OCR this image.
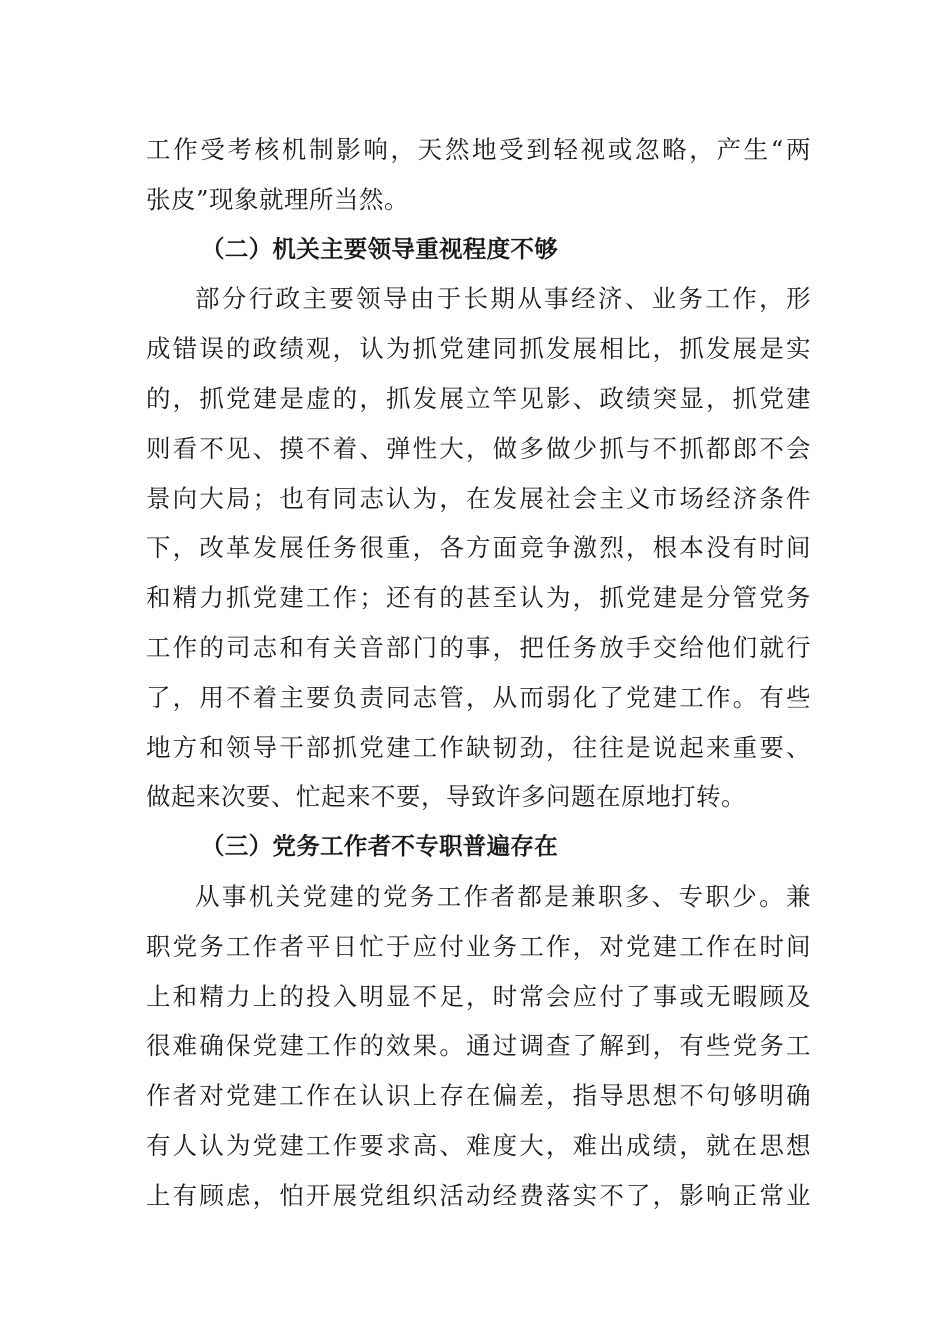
工作受考核机制影响，天然地受到轻视或忽略，产生“两
张皮”现象就理所当然。
（二）机关主要领导重视程度不够
部分行政主要领导由于长期从事经济、业务工作，形
成错误的政绩观，认为抓党建同抓发展相比，抓发展是实
的，抓党建是虚的，抓发展立竿见影、政绩突显，抓党建
则看不见、摸不着、弹性大，做多做少抓与不抓都郎不会
景向大局；也有同志认为，在发展社会主义市场经济条件
下，改革发展任务很重，各方面竞争激烈，根本没有时间
和精力抓党建工作；还有的甚至认为，抓党建是分管党务
工作的司志和有关音部门的事，把任务放手交给他们就行
了，用不着主要负责同志管，从而弱化了党建工作。有些
地方和领导干部抓党建工作缺韧劲，往往是说起来重要、
做起来次要、忙起来不要，导致许多问题在原地打转。
（三）党务工作者不专职普遍存在
从事机关党建的党务工作者都是兼职多、专职少。兼
职党务工作者平日忙于应付业务工作，对党建工作在时间
上和精力上的投入明显不足，时常会应付了事或无暇顾及
很难确保党建工作的效果。通过调查了解到，有些党务工
作者对党建工作在认识上存在偏差，指导思想不句够明确
有人认为党建工作要求高、难度大，难出成绩，就在思想
上有顾虑，怕开展党组织活动经费落实不了，影响正常业
